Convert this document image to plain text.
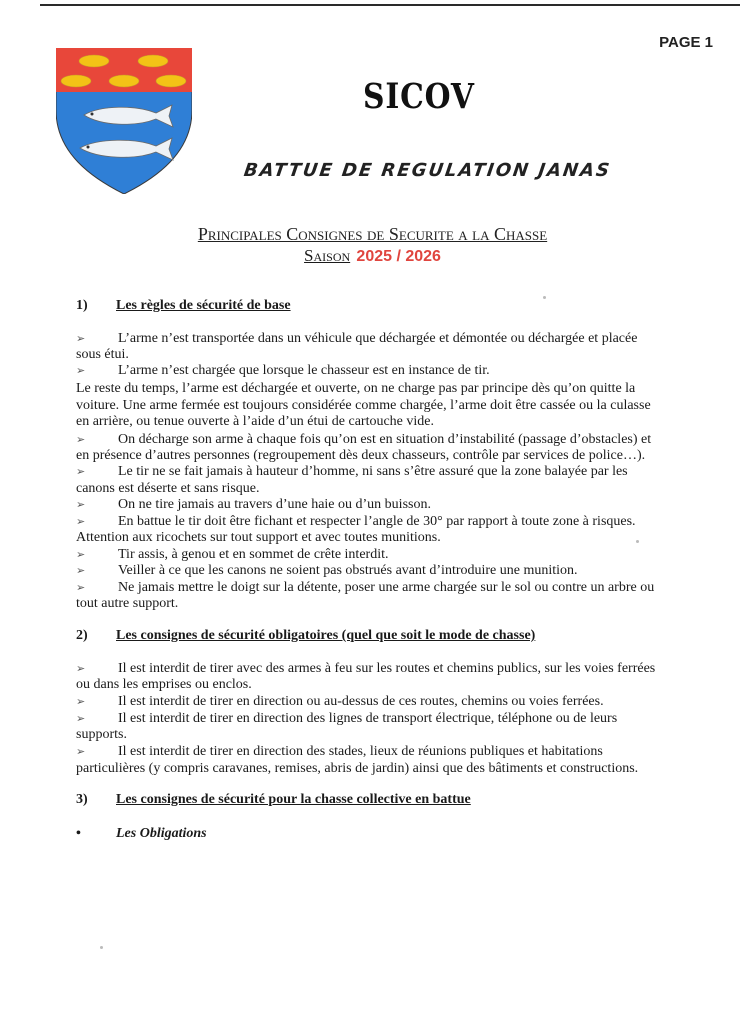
PAGE 1
SICOV
BATTUE DE REGULATION JANAS
Principales Consignes de Securite a la Chasse
Saison 2025 / 2026
1) Les règles de sécurité de base
➢ L’arme n’est transportée dans un véhicule que déchargée et démontée ou déchargée et placée
sous étui.
➢ L’arme n’est chargée que lorsque le chasseur est en instance de tir.
Le reste du temps, l’arme est déchargée et ouverte, on ne charge pas par principe dès qu’on quitte la
voiture. Une arme fermée est toujours considérée comme chargée, l’arme doit être cassée ou la culasse
en arrière, ou tenue ouverte à l’aide d’un étui de cartouche vide.
➢ On décharge son arme à chaque fois qu’on est en situation d’instabilité (passage d’obstacles) et
en présence d’autres personnes (regroupement dès deux chasseurs, contrôle par services de police…).
➢ Le tir ne se fait jamais à hauteur d’homme, ni sans s’être assuré que la zone balayée par les
canons est déserte et sans risque.
➢ On ne tire jamais au travers d’une haie ou d’un buisson.
➢ En battue le tir doit être fichant et respecter l’angle de 30° par rapport à toute zone à risques.
Attention aux ricochets sur tout support et avec toutes munitions.
➢ Tir assis, à genou et en sommet de crête interdit.
➢ Veiller à ce que les canons ne soient pas obstrués avant d’introduire une munition.
➢ Ne jamais mettre le doigt sur la détente, poser une arme chargée sur le sol ou contre un arbre ou
tout autre support.
2) Les consignes de sécurité obligatoires (quel que soit le mode de chasse)
➢ Il est interdit de tirer avec des armes à feu sur les routes et chemins publics, sur les voies ferrées
ou dans les emprises ou enclos.
➢ Il est interdit de tirer en direction ou au-dessus de ces routes, chemins ou voies ferrées.
➢ Il est interdit de tirer en direction des lignes de transport électrique, téléphone ou de leurs
supports.
➢ Il est interdit de tirer en direction des stades, lieux de réunions publiques et habitations
particulières (y compris caravanes, remises, abris de jardin) ainsi que des bâtiments et constructions.
3) Les consignes de sécurité pour la chasse collective en battue
•	Les Obligations
